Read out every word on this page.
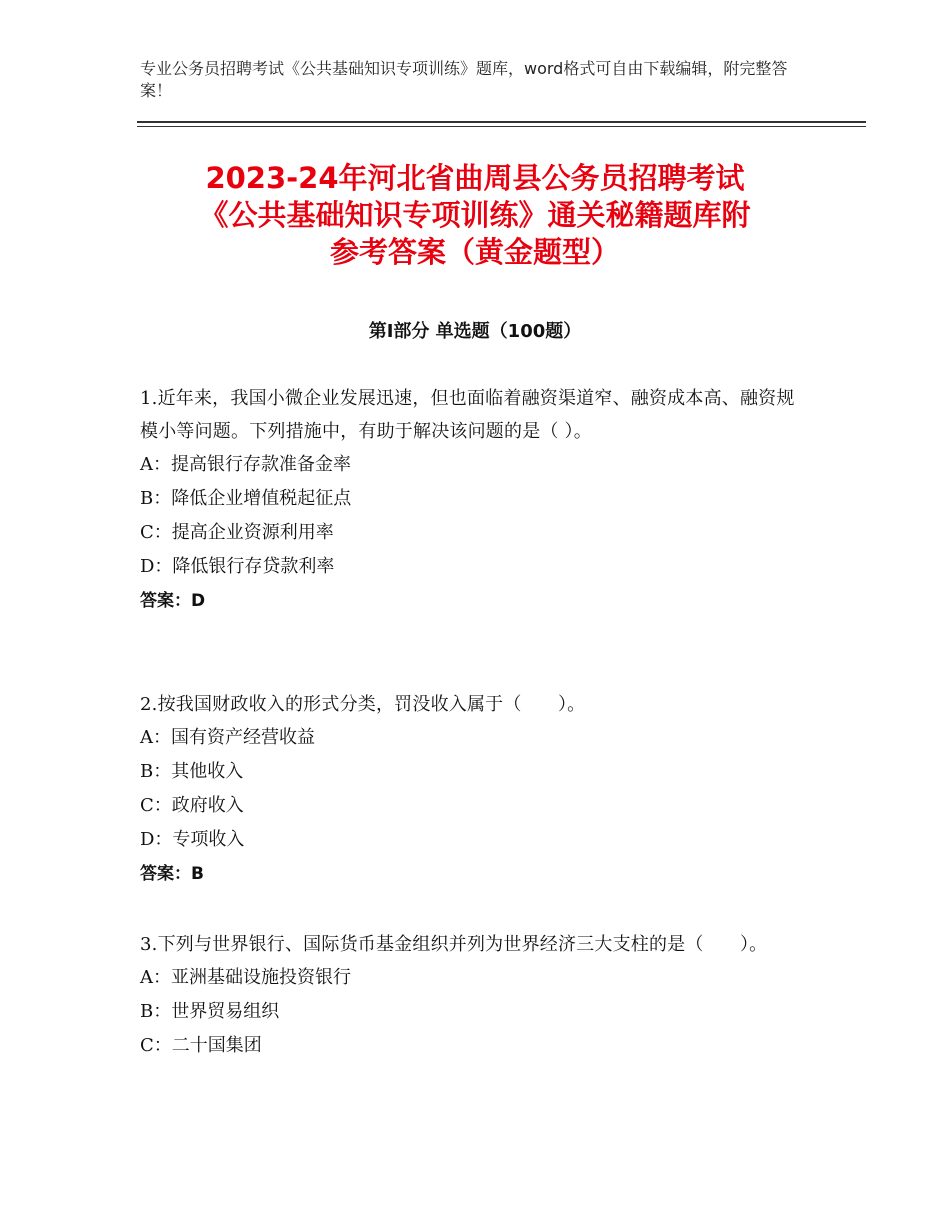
专业公务员招聘考试《公共基础知识专项训练》题库，word格式可自由下载编辑，附完整答案！
2023-24年河北省曲周县公务员招聘考试
《公共基础知识专项训练》通关秘籍题库附
参考答案（黄金题型）
第Ⅰ部分 单选题（100题）
1.近年来，我国小微企业发展迅速，但也面临着融资渠道窄、融资成本高、融资规模小等问题。下列措施中，有助于解决该问题的是（ ）。
A：提高银行存款准备金率
B：降低企业增值税起征点
C：提高企业资源利用率
D：降低银行存贷款利率
答案：D
2.按我国财政收入的形式分类，罚没收入属于（　　）。
A：国有资产经营收益
B：其他收入
C：政府收入
D：专项收入
答案：B
3.下列与世界银行、国际货币基金组织并列为世界经济三大支柱的是（　　）。
A：亚洲基础设施投资银行
B：世界贸易组织
C：二十国集团
